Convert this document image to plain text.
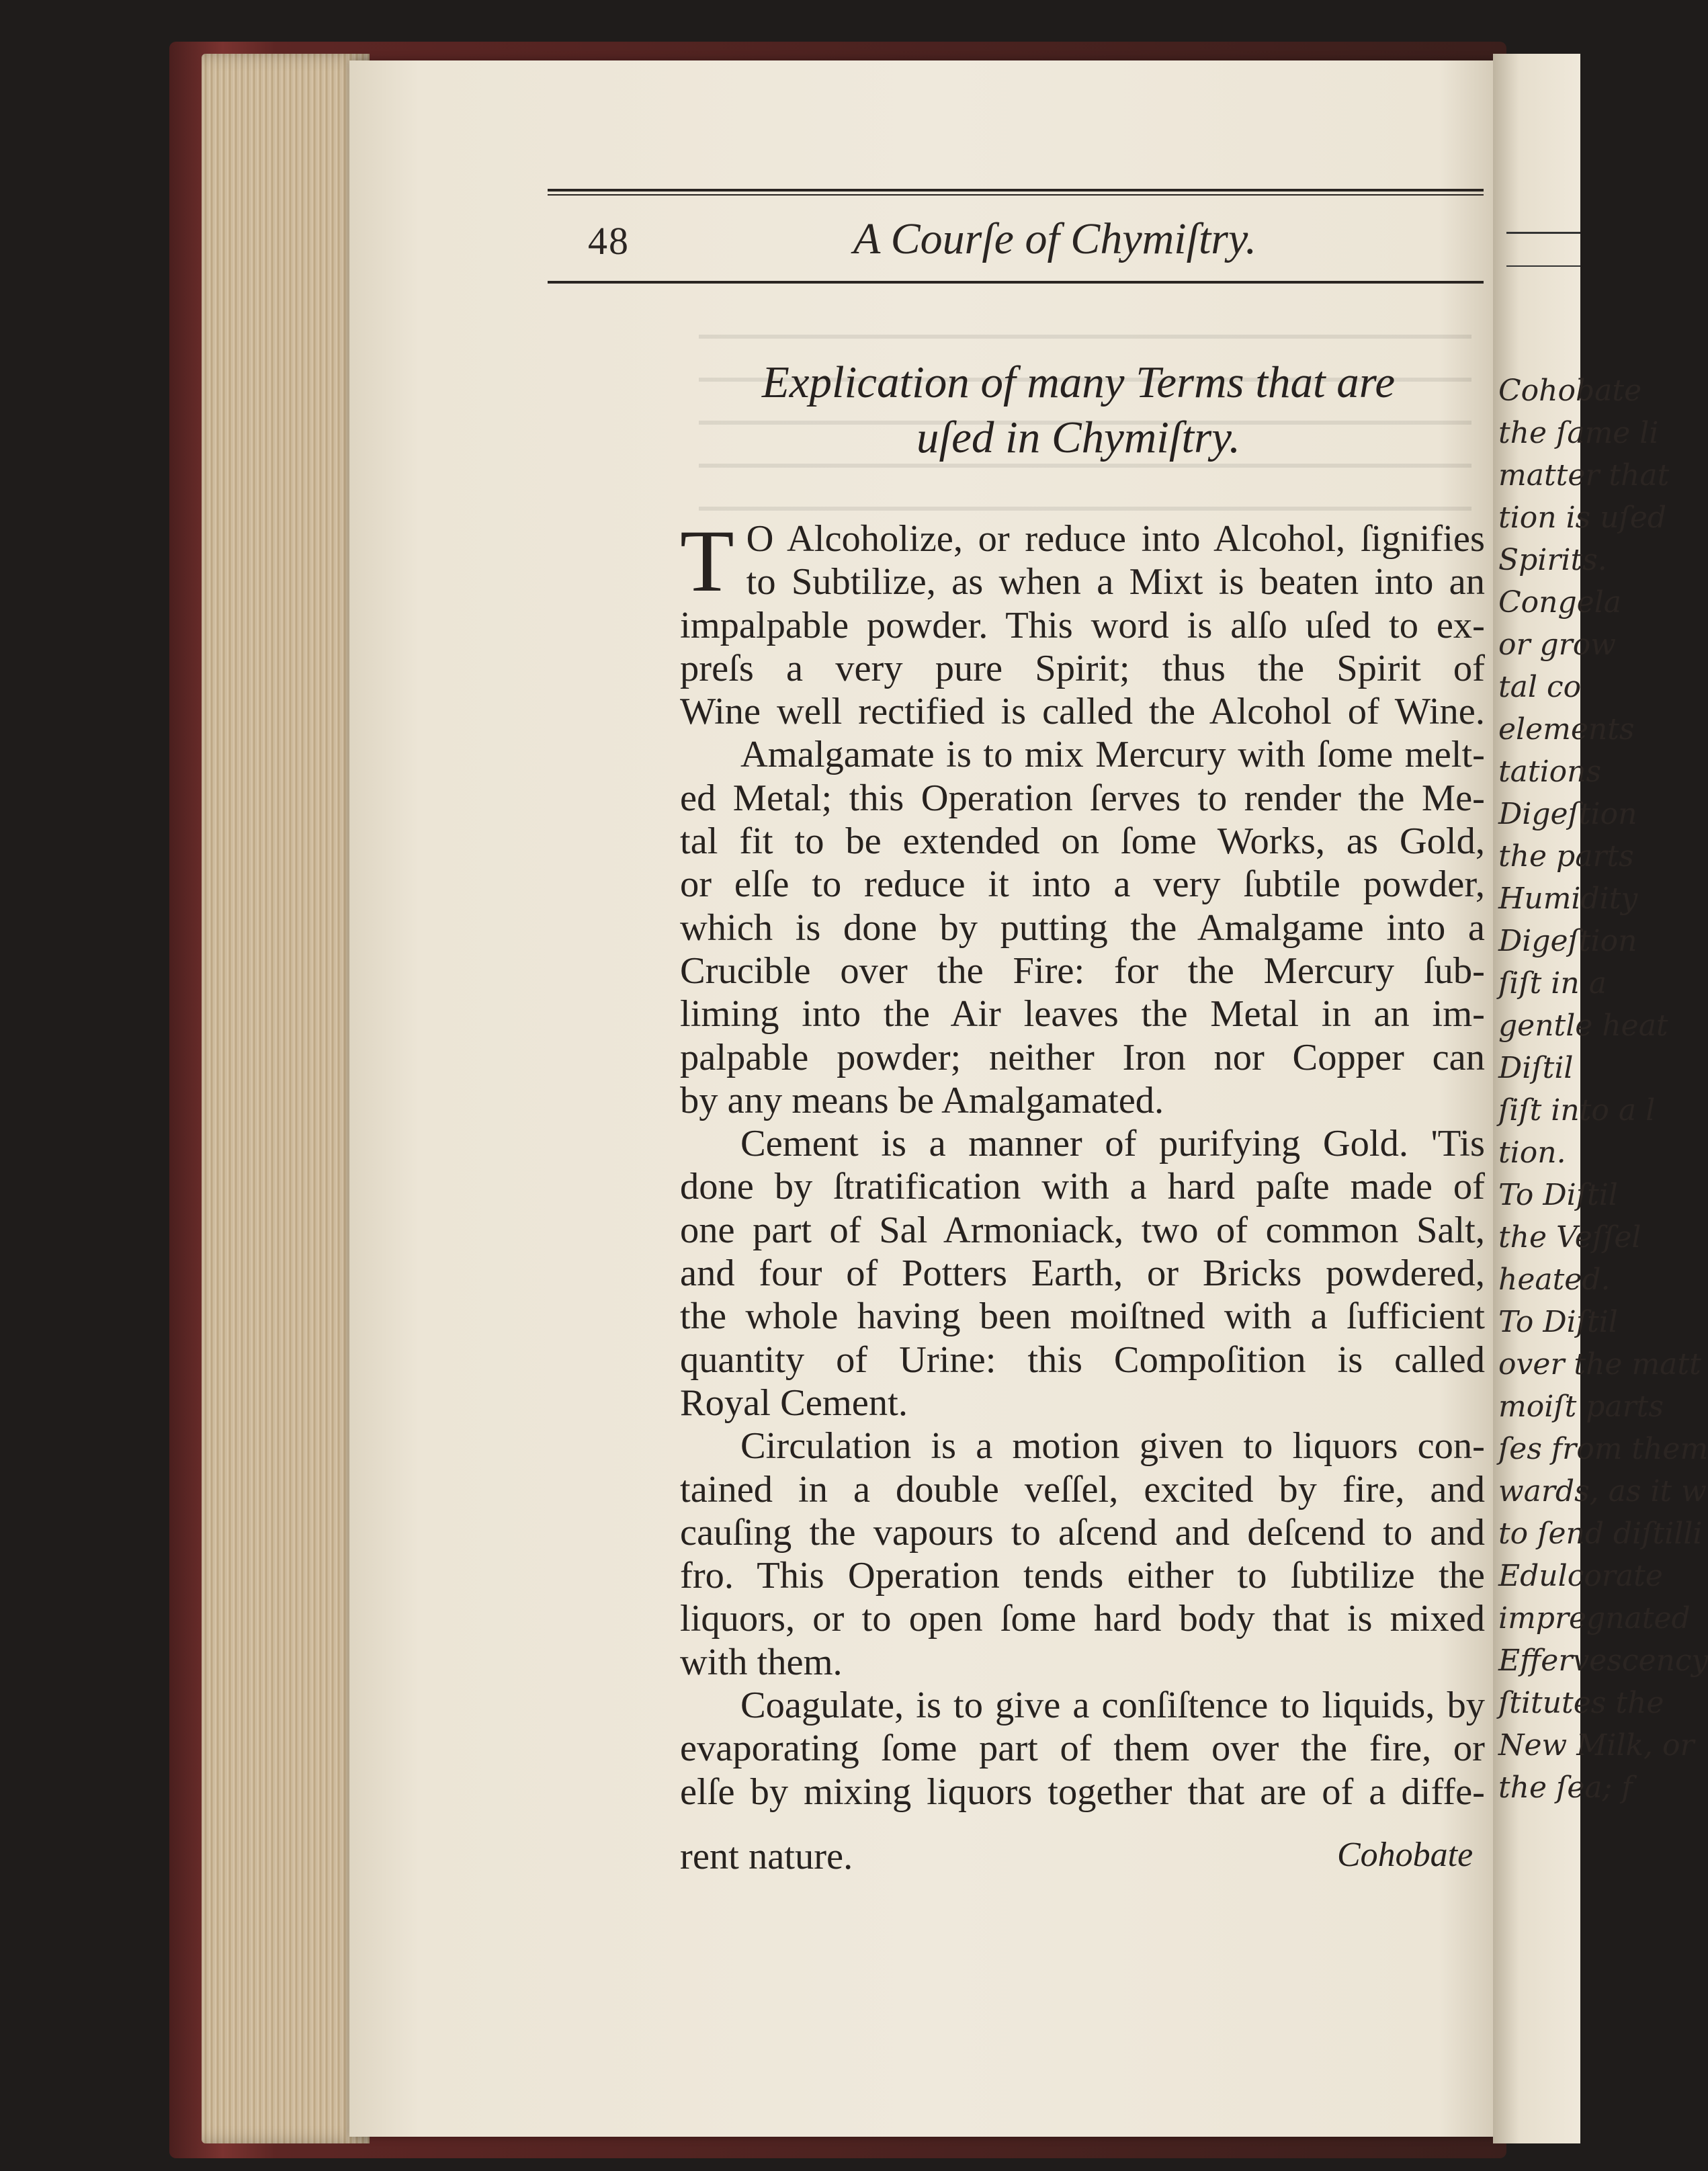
Cohobate
the ſame li
matter that
tion is uſed
Spirits.
Congela
or grow
tal co
elements
tations
Digeſtion
the parts
Humidity
Digeſtion
ſiſt in a
gentle heat
Diſtil
ſiſt into a l
tion.
To Diſtil
the Veſſel
heated.
To Diſtil
over the matt
moiſt parts
ſes from them
wards, as it w
to ſend diſtilli
Edulcorate
impregnated
Effervescency
ſtitutes the
New Milk, or
the ſea; f
48	A Courſe of Chymiſtry.
Explication of many Terms that are
uſed in Chymiſtry.
T O Alcoholize, or reduce into Alcohol, ſignifies

to Subtilize, as when a Mixt is beaten into an

impalpable powder. This word is alſo uſed to ex-

preſs a very pure Spirit; thus the Spirit of

Wine well rectified is called the Alcohol of Wine.

Amalgamate is to mix Mercury with ſome melt-

ed Metal; this Operation ſerves to render the Me-

tal fit to be extended on ſome Works, as Gold,

or elſe to reduce it into a very ſubtile powder,

which is done by putting the Amalgame into a

Crucible over the Fire: for the Mercury ſub-

liming into the Air leaves the Metal in an im-

palpable powder; neither Iron nor Copper can

by any means be Amalgamated.

Cement is a manner of purifying Gold. 'Tis

done by ſtratification with a hard paſte made of

one part of Sal Armoniack, two of common Salt,

and four of Potters Earth, or Bricks powdered,

the whole having been moiſtned with a ſufficient

quantity of Urine: this Compoſition is called

Royal Cement.

Circulation is a motion given to liquors con-

tained in a double veſſel, excited by fire, and

cauſing the vapours to aſcend and deſcend to and

fro. This Operation tends either to ſubtilize the

liquors, or to open ſome hard body that is mixed

with them.

Coagulate, is to give a conſiſtence to liquids, by

evaporating ſome part of them over the fire, or

elſe by mixing liquors together that are of a diffe-

rent nature.	Cohobate
